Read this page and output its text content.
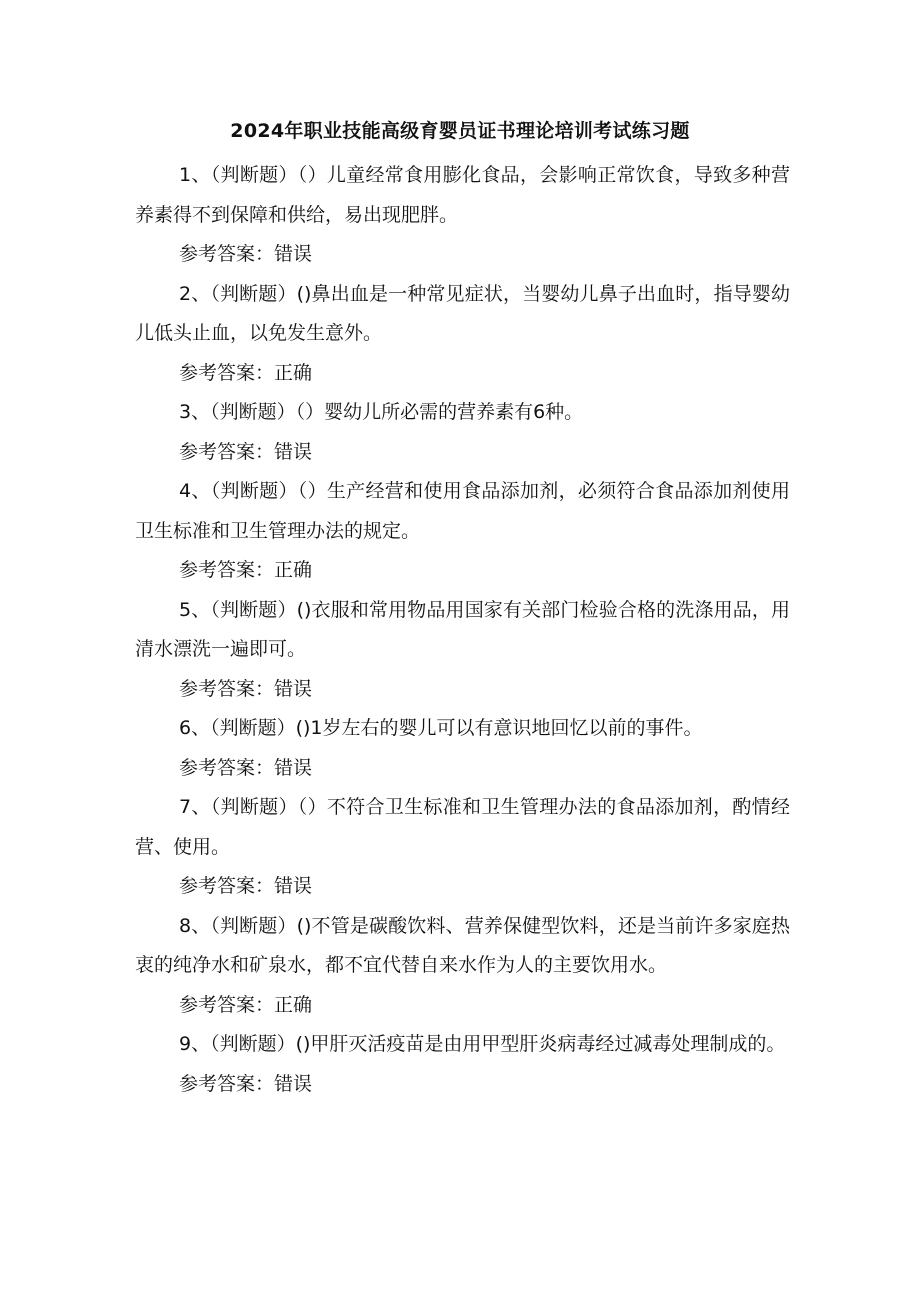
2024年职业技能高级育婴员证书理论培训考试练习题

1、（判断题）（）儿童经常食用膨化食品，会影响正常饮食，导致多种营养素得不到保障和供给，易出现肥胖。

参考答案：错误

2、（判断题）()鼻出血是一种常见症状，当婴幼儿鼻子出血时，指导婴幼儿低头止血，以免发生意外。

参考答案：正确

3、（判断题）（）婴幼儿所必需的营养素有6种。

参考答案：错误

4、（判断题）（）生产经营和使用食品添加剂，必须符合食品添加剂使用卫生标准和卫生管理办法的规定。

参考答案：正确

5、（判断题）()衣服和常用物品用国家有关部门检验合格的洗涤用品，用清水漂洗一遍即可。

参考答案：错误

6、（判断题）()1岁左右的婴儿可以有意识地回忆以前的事件。

参考答案：错误

7、（判断题）（）不符合卫生标准和卫生管理办法的食品添加剂，酌情经营、使用。

参考答案：错误

8、（判断题）()不管是碳酸饮料、营养保健型饮料，还是当前许多家庭热衷的纯净水和矿泉水，都不宜代替自来水作为人的主要饮用水。

参考答案：正确

9、（判断题）()甲肝灭活疫苗是由用甲型肝炎病毒经过减毒处理制成的。

参考答案：错误
